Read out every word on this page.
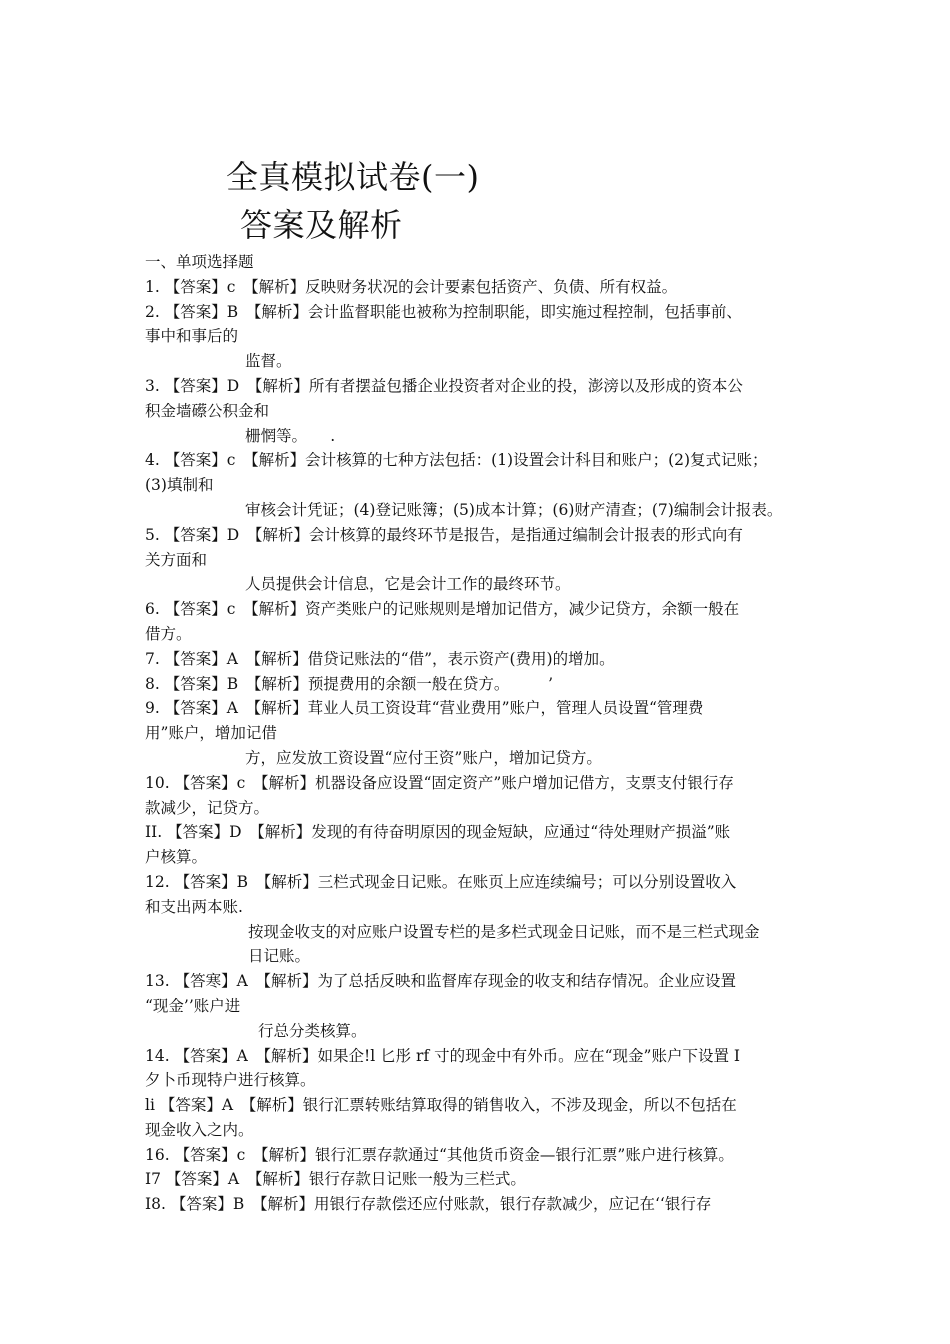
全真模拟试卷(一)
答案及解析
一、单项选择题
1. 【答案】c　【解析】反映财务状况的会计要素包括资产、负债、所有权益。
2. 【答案】B　【解析】会计监督职能也被称为控制职能，即实施过程控制，包括事前、
事中和事后的
监督。
3. 【答案】D　【解析】所有者摆益包播企业投资者对企业的投，澎滂以及形成的资本公
积金墙礤公积金和
栅惘等。　　.
4. 【答案】c　【解析】会计核算的七种方法包括：(1)设置会计科目和账户；(2)复式记账；
(3)填制和
审核会计凭证；(4)登记账簿；(5)成本计算；(6)财产清查；(7)编制会计报表。
5. 【答案】D　【解析】会计核算的最终环节是报告，是指通过编制会计报表的形式向有
关方面和
人员提供会计信息，它是会计工作的最终环节。
6. 【答案】c　【解析】资产类账户的记账规则是增加记借方，减少记贷方，余额一般在
借方。
7. 【答案】A　【解析】借贷记账法的“借”，表示资产(费用)的增加。
8. 【答案】B　【解析】预提费用的余额一般在贷方。　　　’
9. 【答案】A　【解析】茸业人员工资设茸“营业费用”账户，管理人员设置“管理费
用”账户，增加记借
方，应发放工资设置“应付王资”账户，增加记贷方。
10. 【答案】c　【解析】机器设备应设置“固定资产”账户增加记借方，支票支付银行存
款减少，记贷方。
II. 【答案】D　【解析】发现的有待奋明原因的现金短缺，应通过“待处理财产损溢”账
户核算。
12. 【答案】B　【解析】三栏式现金日记账。在账页上应连续编号；可以分别设置收入
和支出两本账.
按现金收支的对应账户设置专栏的是多栏式现金日记账，而不是三栏式现金
日记账。
13. 【答寒】A　【解析】为了总括反映和监督库存现金的收支和结存情况。企业应设置
“现金’’账户进
行总分类核算。
14. 【答案】A　【解析】如果企!l 匕彤 rf 寸的现金中有外币。应在“现金”账户下设置 I
夕卜币现特户进行核算。
li 【答案】A　【解析】银行汇票转账结算取得的销售收入，不涉及现金，所以不包括在
现金收入之内。
16. 【答案】c　【解析】银行汇票存款通过“其他货币资金—银行汇票”账户进行核算。
I7 【答案】A　【解析】银行存款日记账一般为三栏式。
I8. 【答案】B　【解析】用银行存款偿还应付账款，银行存款减少，应记在‘‘银行存
